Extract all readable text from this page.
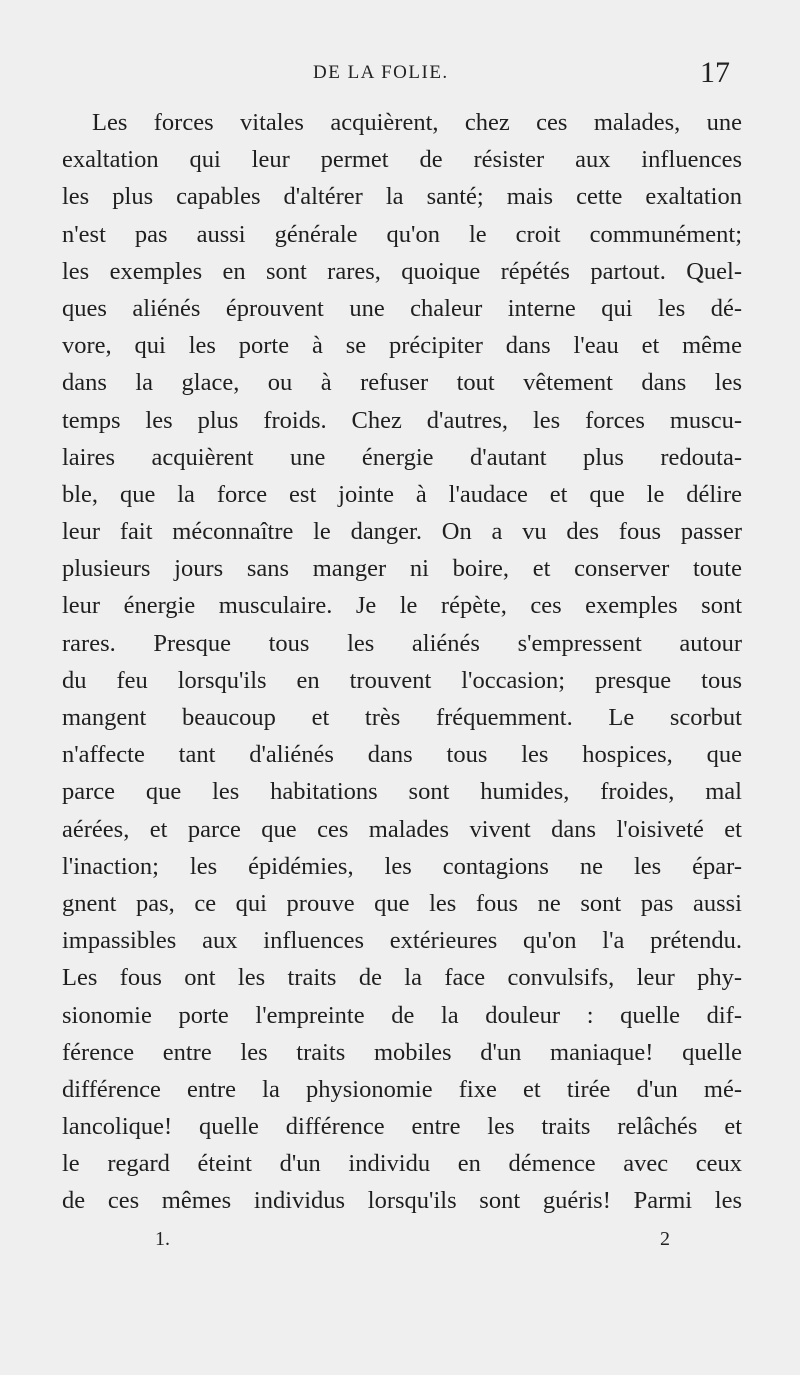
DE LA FOLIE.	17
Les forces vitales acquièrent, chez ces malades, une
exaltation qui leur permet de résister aux influences
les plus capables d'altérer la santé; mais cette exaltation
n'est pas aussi générale qu'on le croit communément;
les exemples en sont rares, quoique répétés partout. Quel-
ques aliénés éprouvent une chaleur interne qui les dé-
vore, qui les porte à se précipiter dans l'eau et même
dans la glace, ou à refuser tout vêtement dans les
temps les plus froids. Chez d'autres, les forces muscu-
laires acquièrent une énergie d'autant plus redouta-
ble, que la force est jointe à l'audace et que le délire
leur fait méconnaître le danger. On a vu des fous passer
plusieurs jours sans manger ni boire, et conserver toute
leur énergie musculaire. Je le répète, ces exemples sont
rares. Presque tous les aliénés s'empressent autour
du feu lorsqu'ils en trouvent l'occasion; presque tous
mangent beaucoup et très fréquemment. Le scorbut
n'affecte tant d'aliénés dans tous les hospices, que
parce que les habitations sont humides, froides, mal
aérées, et parce que ces malades vivent dans l'oisiveté et
l'inaction; les épidémies, les contagions ne les épar-
gnent pas, ce qui prouve que les fous ne sont pas aussi
impassibles aux influences extérieures qu'on l'a prétendu.
Les fous ont les traits de la face convulsifs, leur phy-
sionomie porte l'empreinte de la douleur : quelle dif-
férence entre les traits mobiles d'un maniaque! quelle
différence entre la physionomie fixe et tirée d'un mé-
lancolique! quelle différence entre les traits relâchés et
le regard éteint d'un individu en démence avec ceux
de ces mêmes individus lorsqu'ils sont guéris! Parmi les
1.	2
